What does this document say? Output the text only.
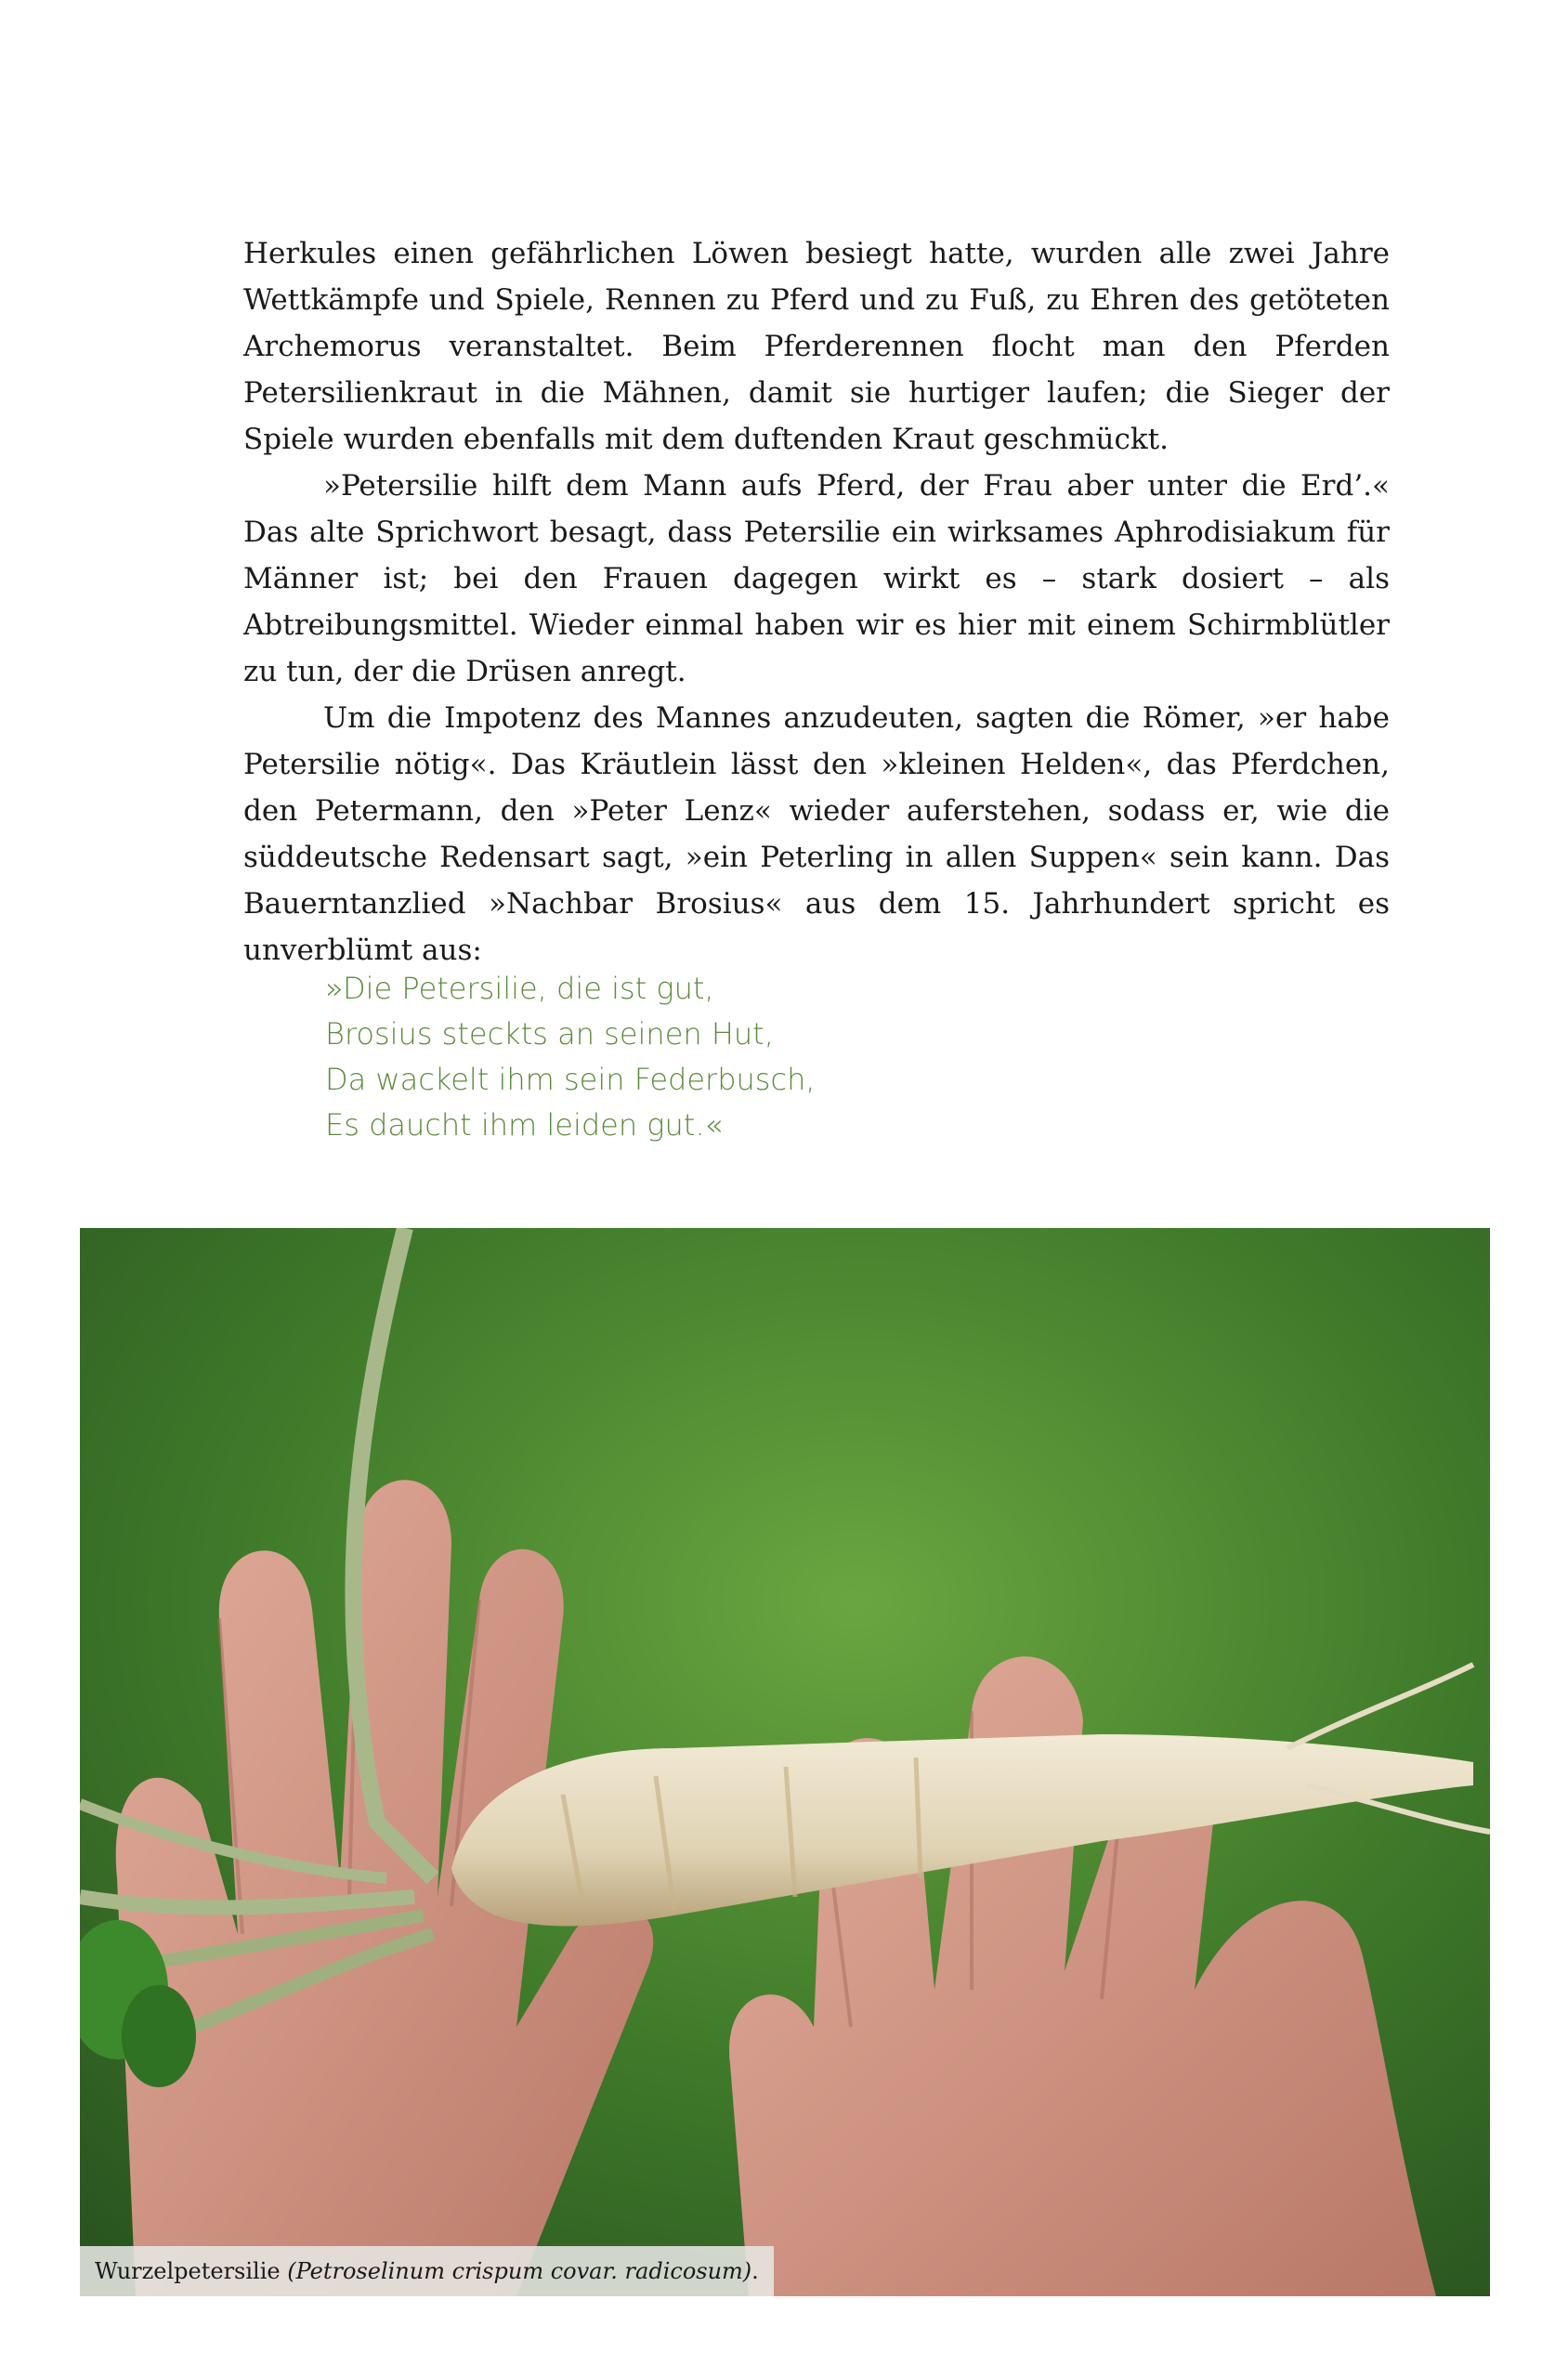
Herkules einen gefährlichen Löwen besiegt hatte, wurden alle zwei Jahre Wettkämpfe und Spiele, Rennen zu Pferd und zu Fuß, zu Ehren des getöteten Archemorus veranstaltet. Beim Pferderennen flocht man den Pferden Petersilienkraut in die Mähnen, damit sie hurtiger laufen; die Sieger der Spiele wurden ebenfalls mit dem duftenden Kraut geschmückt.

»Petersilie hilft dem Mann aufs Pferd, der Frau aber unter die Erd’.« Das alte Sprichwort besagt, dass Petersilie ein wirksames Aphrodisiakum für Männer ist; bei den Frauen dagegen wirkt es – stark dosiert – als Abtreibungsmittel. Wieder einmal haben wir es hier mit einem Schirmblütler zu tun, der die Drüsen anregt.

Um die Impotenz des Mannes anzudeuten, sagten die Römer, »er habe Petersilie nötig«. Das Kräutlein lässt den »kleinen Helden«, das Pferdchen, den Petermann, den »Peter Lenz« wieder auferstehen, sodass er, wie die süddeutsche Redensart sagt, »ein Peterling in allen Suppen« sein kann. Das Bauerntanzlied »Nachbar Brosius« aus dem 15. Jahrhundert spricht es unverblümt aus:

»Die Petersilie, die ist gut,
Brosius steckts an seinen Hut,
Da wackelt ihm sein Federbusch,
Es daucht ihm leiden gut.«
Wurzelpetersilie (Petroselinum crispum covar. radicosum).
